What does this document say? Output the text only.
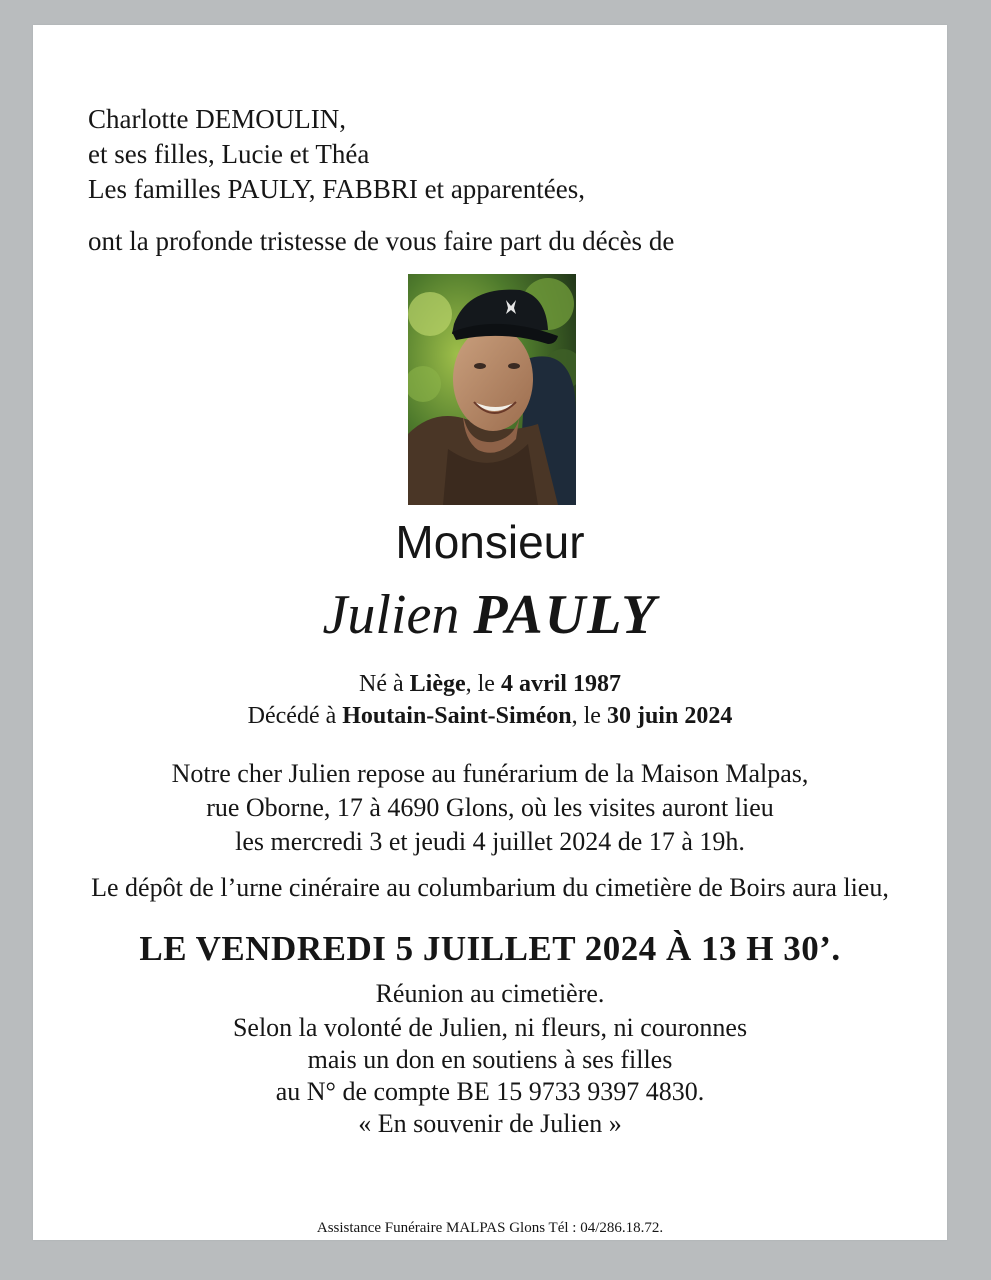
Charlotte DEMOULIN,
et ses filles, Lucie et Théa
Les familles PAULY, FABBRI et apparentées,
ont la profonde tristesse de vous faire part du décès de
Monsieur
Julien PAULY
Né à Liège, le 4 avril 1987
Décédé à Houtain-Saint-Siméon, le 30 juin 2024
Notre cher Julien repose au funérarium de la Maison Malpas,
rue Oborne, 17 à 4690 Glons, où les visites auront lieu
les mercredi 3 et jeudi 4 juillet 2024 de 17 à 19h.
Le dépôt de l’urne cinéraire au columbarium du cimetière de Boirs aura lieu,
LE VENDREDI 5 JUILLET 2024 À 13 H 30’.
Réunion au cimetière.
Selon la volonté de Julien, ni fleurs, ni couronnes
mais un don en soutiens à ses filles
au N° de compte BE 15 9733 9397 4830.
« En souvenir de Julien »
Assistance Funéraire MALPAS Glons Tél : 04/286.18.72.
